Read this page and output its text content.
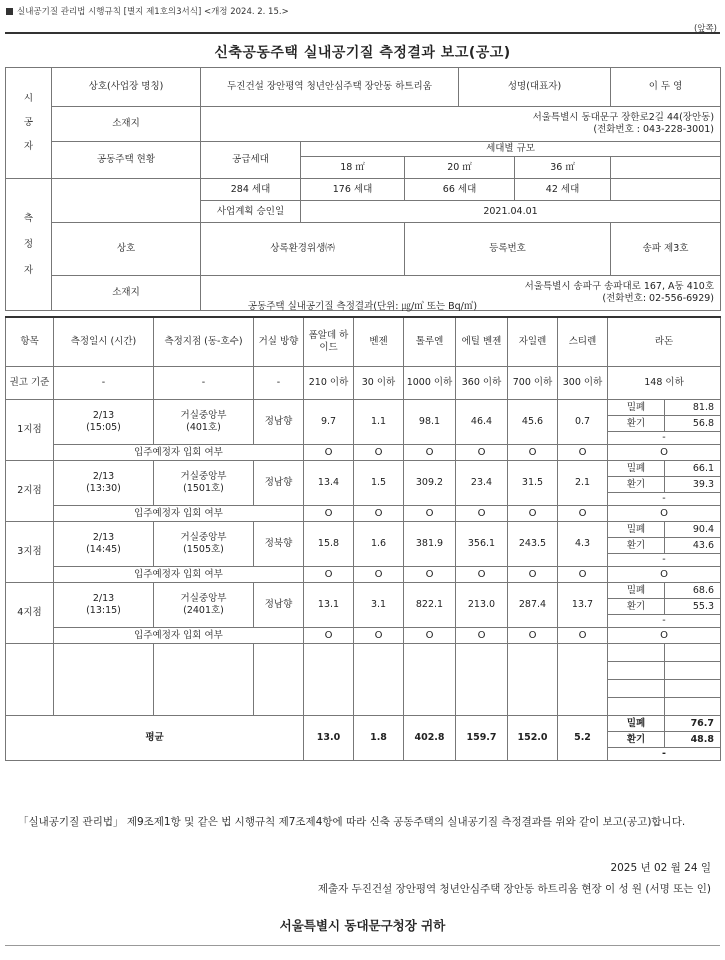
실내공기질 관리법 시행규칙 [별지 제1호의3서식] <개정 2024. 2. 15.>
(앞쪽)
신축공동주택 실내공기질 측정결과 보고(공고)
시
공
자	상호(사업장 명칭)	두진건설 장안평역 청년안심주택 장안동 하트리움			성명(대표자)		이 두 영
	소재지	서울특별시 동대문구 장한로2길 44(장안동)
(전화번호 : 043-228-3001)					

	공동주택 현황	공급세대	세대별 규모				
			18 ㎡	20 ㎡		36 ㎡	
측
정
자		284 세대	176 세대	66 세대		42 세대	
		사업계획 승인일	2021.04.01				
	상호	상록환경위생㈜		등록번호			송파 제3호

	소재지	서울특별시 송파구 송파대로 167, A동 410호
(전화번호: 02-556-6929)					
공동주택 실내공기질 측정결과(단위: ㎍/㎥ 또는 Bq/㎥)
항목	측정일시 (시간)	측정지점 (동-호수)	거실 방향	폼알데 하이드	벤젠	톨루엔	에틸 벤젠	자일렌	스티렌	라돈	
권고 기준	-	-	-	210 이하	30 이하	1000 이하	360 이하	700 이하	300 이하	148 이하	
1지점	2/13
(15:05)	거실중앙부
(401호)	정남향	9.7	1.1	98.1	46.4	45.6	0.7	밀폐	81.8
										환기	56.8
										-	
	입주예정자 입회 여부			O	O	O	O	O	O	O	
2지점	2/13
(13:30)	거실중앙부
(1501호)	정남향	13.4	1.5	309.2	23.4	31.5	2.1	밀폐	66.1
										환기	39.3
										-	
	입주예정자 입회 여부			O	O	O	O	O	O	O	
3지점	2/13
(14:45)	거실중앙부
(1505호)	정북향	15.8	1.6	381.9	356.1	243.5	4.3	밀폐	90.4
										환기	43.6
										-	
	입주예정자 입회 여부			O	O	O	O	O	O	O	
4지점	2/13
(13:15)	거실중앙부
(2401호)	정남향	13.1	3.1	822.1	213.0	287.4	13.7	밀폐	68.6
										환기	55.3
										-	
	입주예정자 입회 여부			O	O	O	O	O	O	O	

평균				13.0	1.8	402.8	159.7	152.0	5.2	밀폐	76.7
										환기	48.8
										-	
「실내공기질 관리법」 제9조제1항 및 같은 법 시행규칙 제7조제4항에 따라 신축 공동주택의 실내공기질 측정결과를 위와 같이 보고(공고)합니다.
2025 년 02 월 24 일
제출자 두진건설 장안평역 청년안심주택 장안동 하트리움 현장 이 성 원 (서명 또는 인)
서울특별시 동대문구청장 귀하
